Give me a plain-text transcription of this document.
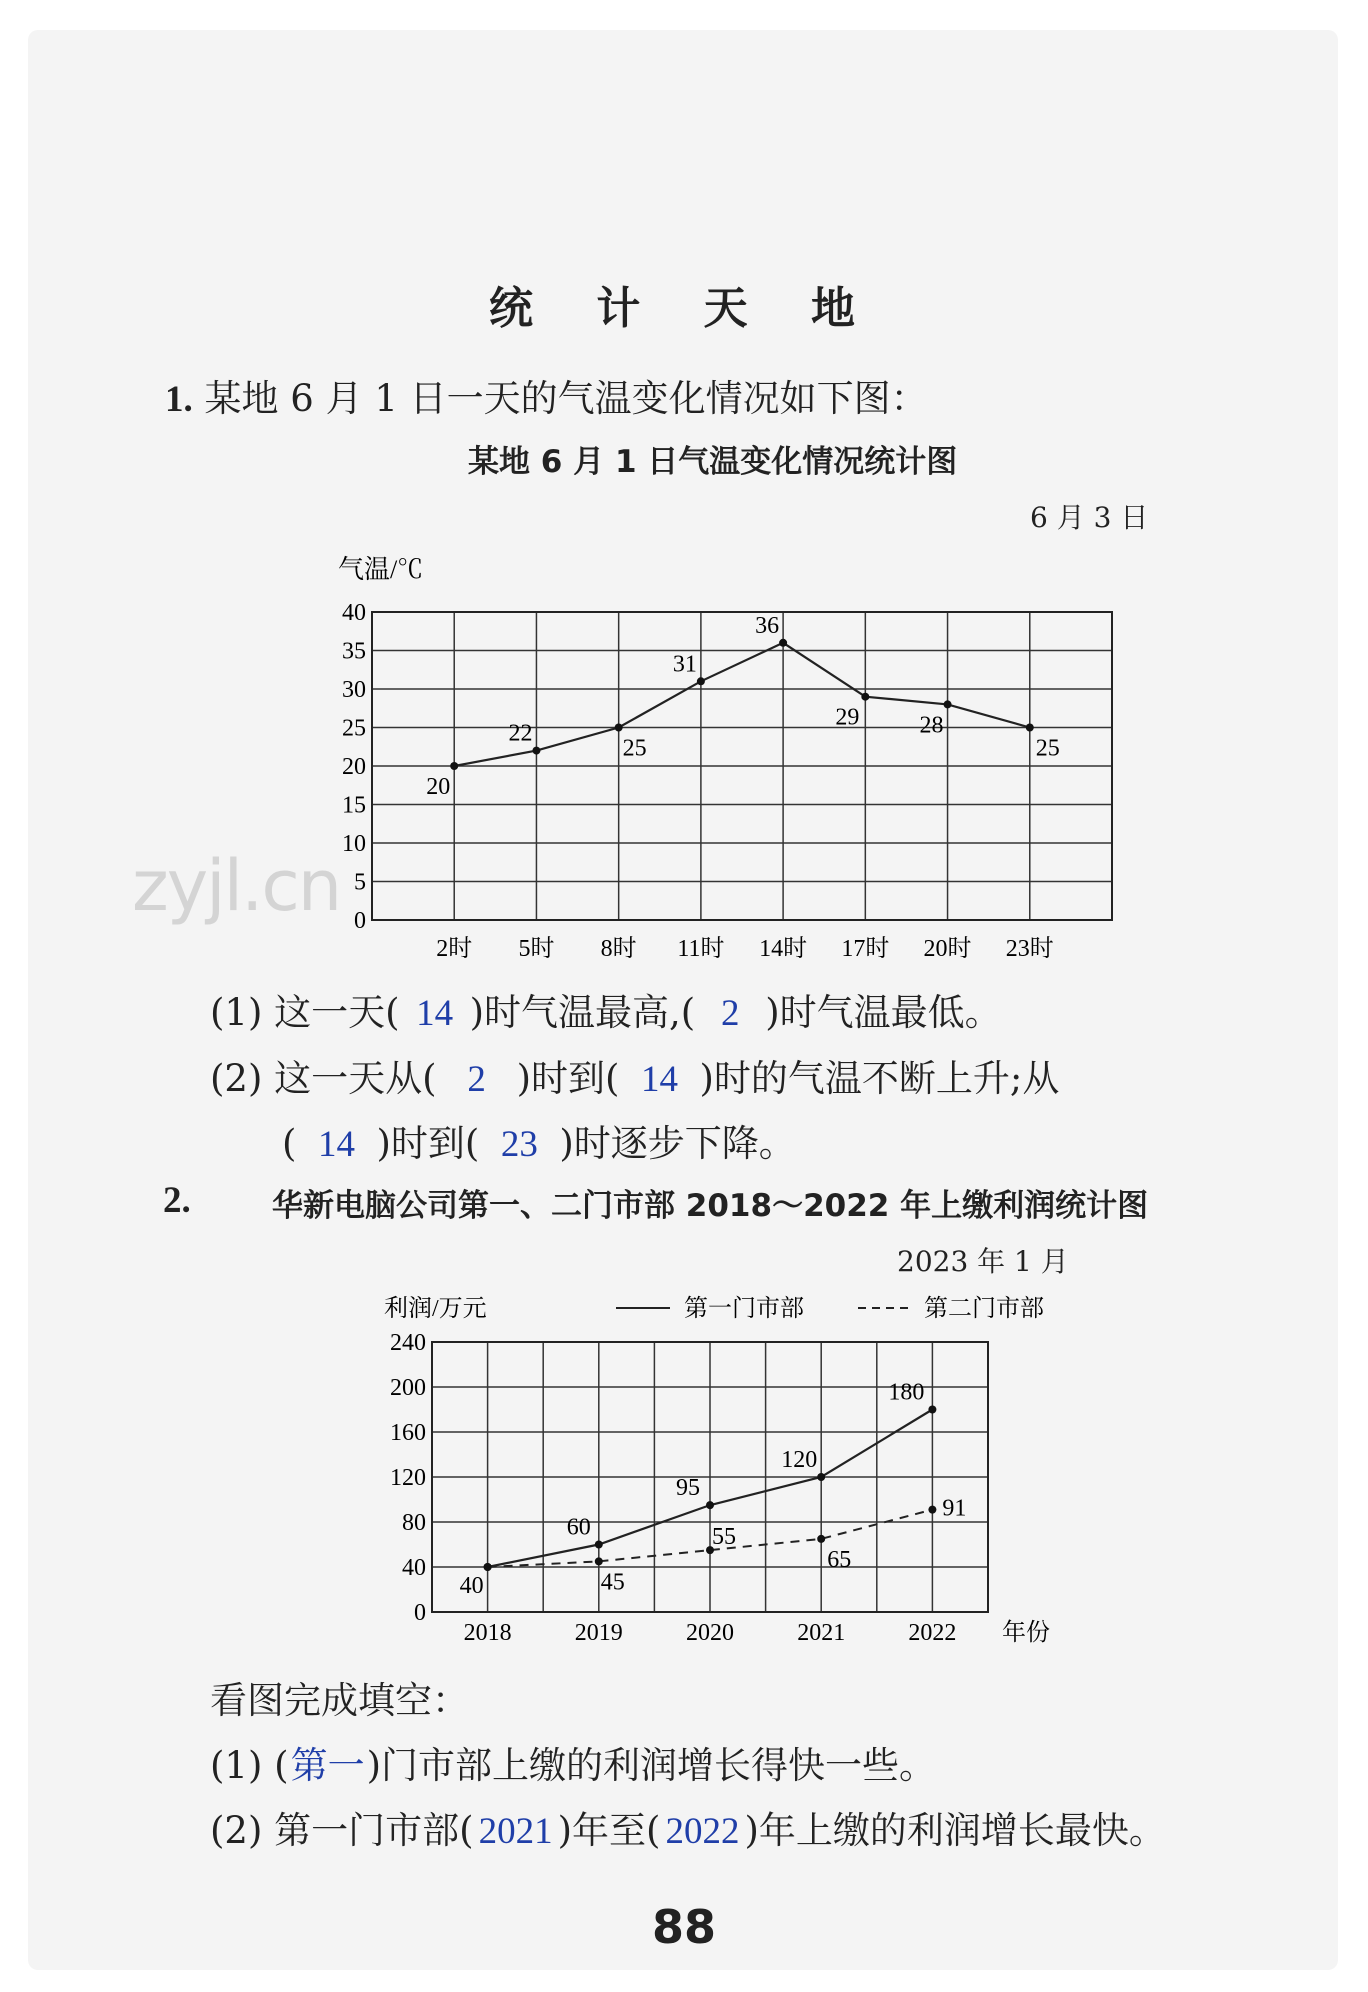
zyjl.cn
统 计 天 地
1. 某地 6 月 1 日一天的气温变化情况如下图：
某地 6 月 1 日气温变化情况统计图
6 月 3 日
气温/℃
0
5
10
15
20
25
30
35
40
2时 5时 8时 11时 14时 17时 20时 23时
20
22
25
31
36
29	28
25
(1) 这一天( 14 )时气温最高,( 2 )时气温最低。
(2) 这一天从( 2 )时到( 14 )时的气温不断上升;从
( 14 )时到( 23 )时逐步下降。
2.	华新电脑公司第一、二门市部 2018～2022 年上缴利润统计图
2023 年 1 月
利润/万元	第一门市部	第二门市部
0
40
80
120
160
200
240
2018	2019	2020	2021	2022 年份
40
60
95
120
180
45
55
65
91
看图完成填空：
(1) (第一)门市部上缴的利润增长得快一些。
(2) 第一门市部( 2021 )年至( 2022 )年上缴的利润增长最快。
88
